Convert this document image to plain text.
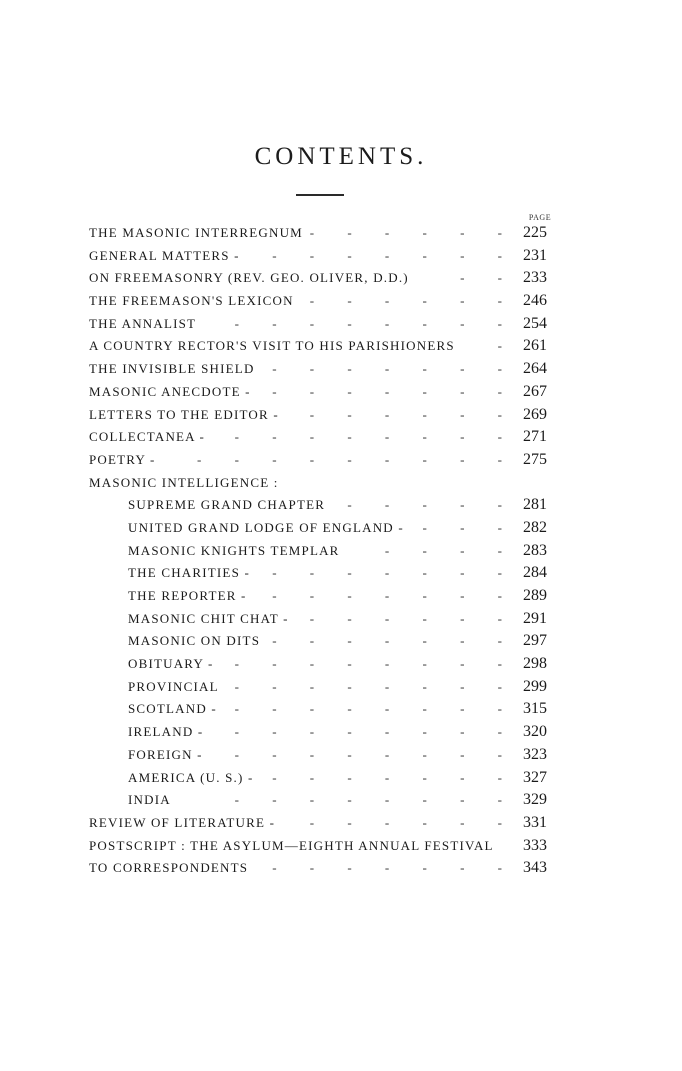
CONTENTS.
PAGE
THE MASONIC INTERREGNUM - - - - - - 225
GENERAL MATTERS -	- - - - - - - 231
ON FREEMASONRY (REV. GEO. OLIVER, D.D.)	- - 233
THE FREEMASON'S LEXICON - - - - - - 246
THE ANNALIST	- - - - - - - - 254
A COUNTRY RECTOR'S VISIT TO HIS PARISHIONERS	- 261
THE INVISIBLE SHIELD - - - - - - - 264
MASONIC ANECDOTE - - - - - - - - 267
LETTERS TO THE EDITOR - - - - - - - 269
COLLECTANEA - - - - - - - - - 271
POETRY -	- - - - - - - - - 275
MASONIC INTELLIGENCE :
SUPREME GRAND CHAPTER - - - - - 281
UNITED GRAND LODGE OF ENGLAND - - - - 282
MASONIC KNIGHTS TEMPLAR	- - - - 283
THE CHARITIES - - - - - - - - 284
THE REPORTER - - - - - - - - 289
MASONIC CHIT CHAT - - - - - - - 291
MASONIC ON DITS - - - - - - - 297
OBITUARY - - - - - - - - - 298
PROVINCIAL - - - - - - - - 299
SCOTLAND - - - - - - - - - 315
IRELAND - - - - - - - - - 320
FOREIGN - - - - - - - - - 323
AMERICA (U. S.) - - - - - - - - 327
INDIA	- - - - - - - - 329
REVIEW OF LITERATURE -	- - - - - - 331
POSTSCRIPT : THE ASYLUM—EIGHTH ANNUAL FESTIVAL 333
TO CORRESPONDENTS - - - - - - - 343
